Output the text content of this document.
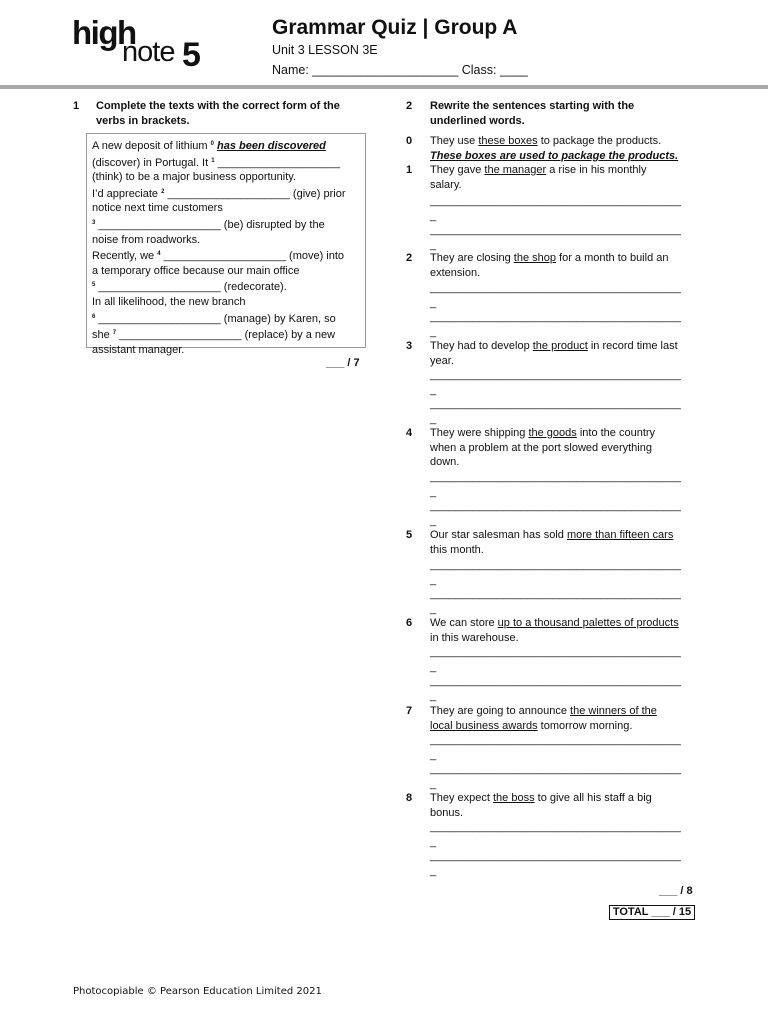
high
note 5
Grammar Quiz | Group A
Unit 3 LESSON 3E
Name: _____________________ Class: ____
1 Complete the texts with the correct form of the
verbs in brackets.
A new deposit of lithium $^0$ has been discovered
(discover) in Portugal. It $^1$ ____________________
(think) to be a major business opportunity.
I’d appreciate $^2$ ____________________ (give) prior
notice next time customers
$^3$ ____________________ (be) disrupted by the
noise from roadworks.
Recently, we $^4$ ____________________ (move) into
a temporary office because our main office
$^5$ ____________________ (redecorate).
In all likelihood, the new branch
$^6$ ____________________ (manage) by Karen, so
she $^7$ ____________________ (replace) by a new
assistant manager.
___ / 7
2 Rewrite the sentences starting with the
underlined words.
0 They use these boxes to package the products.
These boxes are used to package the products.
1 They gave the manager a rise in his monthly
salary.
_________________________________________
_
_________________________________________
_
2 They are closing the shop for a month to build an
extension.
_________________________________________
_
_________________________________________
_
3 They had to develop the product in record time last
year.
_________________________________________
_
_________________________________________
_
4 They were shipping the goods into the country
when a problem at the port slowed everything
down.
_________________________________________
_
_________________________________________
_
5 Our star salesman has sold more than fifteen cars
this month.
_________________________________________
_
_________________________________________
_
6 We can store up to a thousand palettes of products
in this warehouse.
_________________________________________
_
_________________________________________
_
7 They are going to announce the winners of the
local business awards tomorrow morning.
_________________________________________
_
_________________________________________
_
8 They expect the boss to give all his staff a big
bonus.
_________________________________________
_
_________________________________________
_
___ / 8
TOTAL ___ / 15
Photocopiable © Pearson Education Limited 2021
